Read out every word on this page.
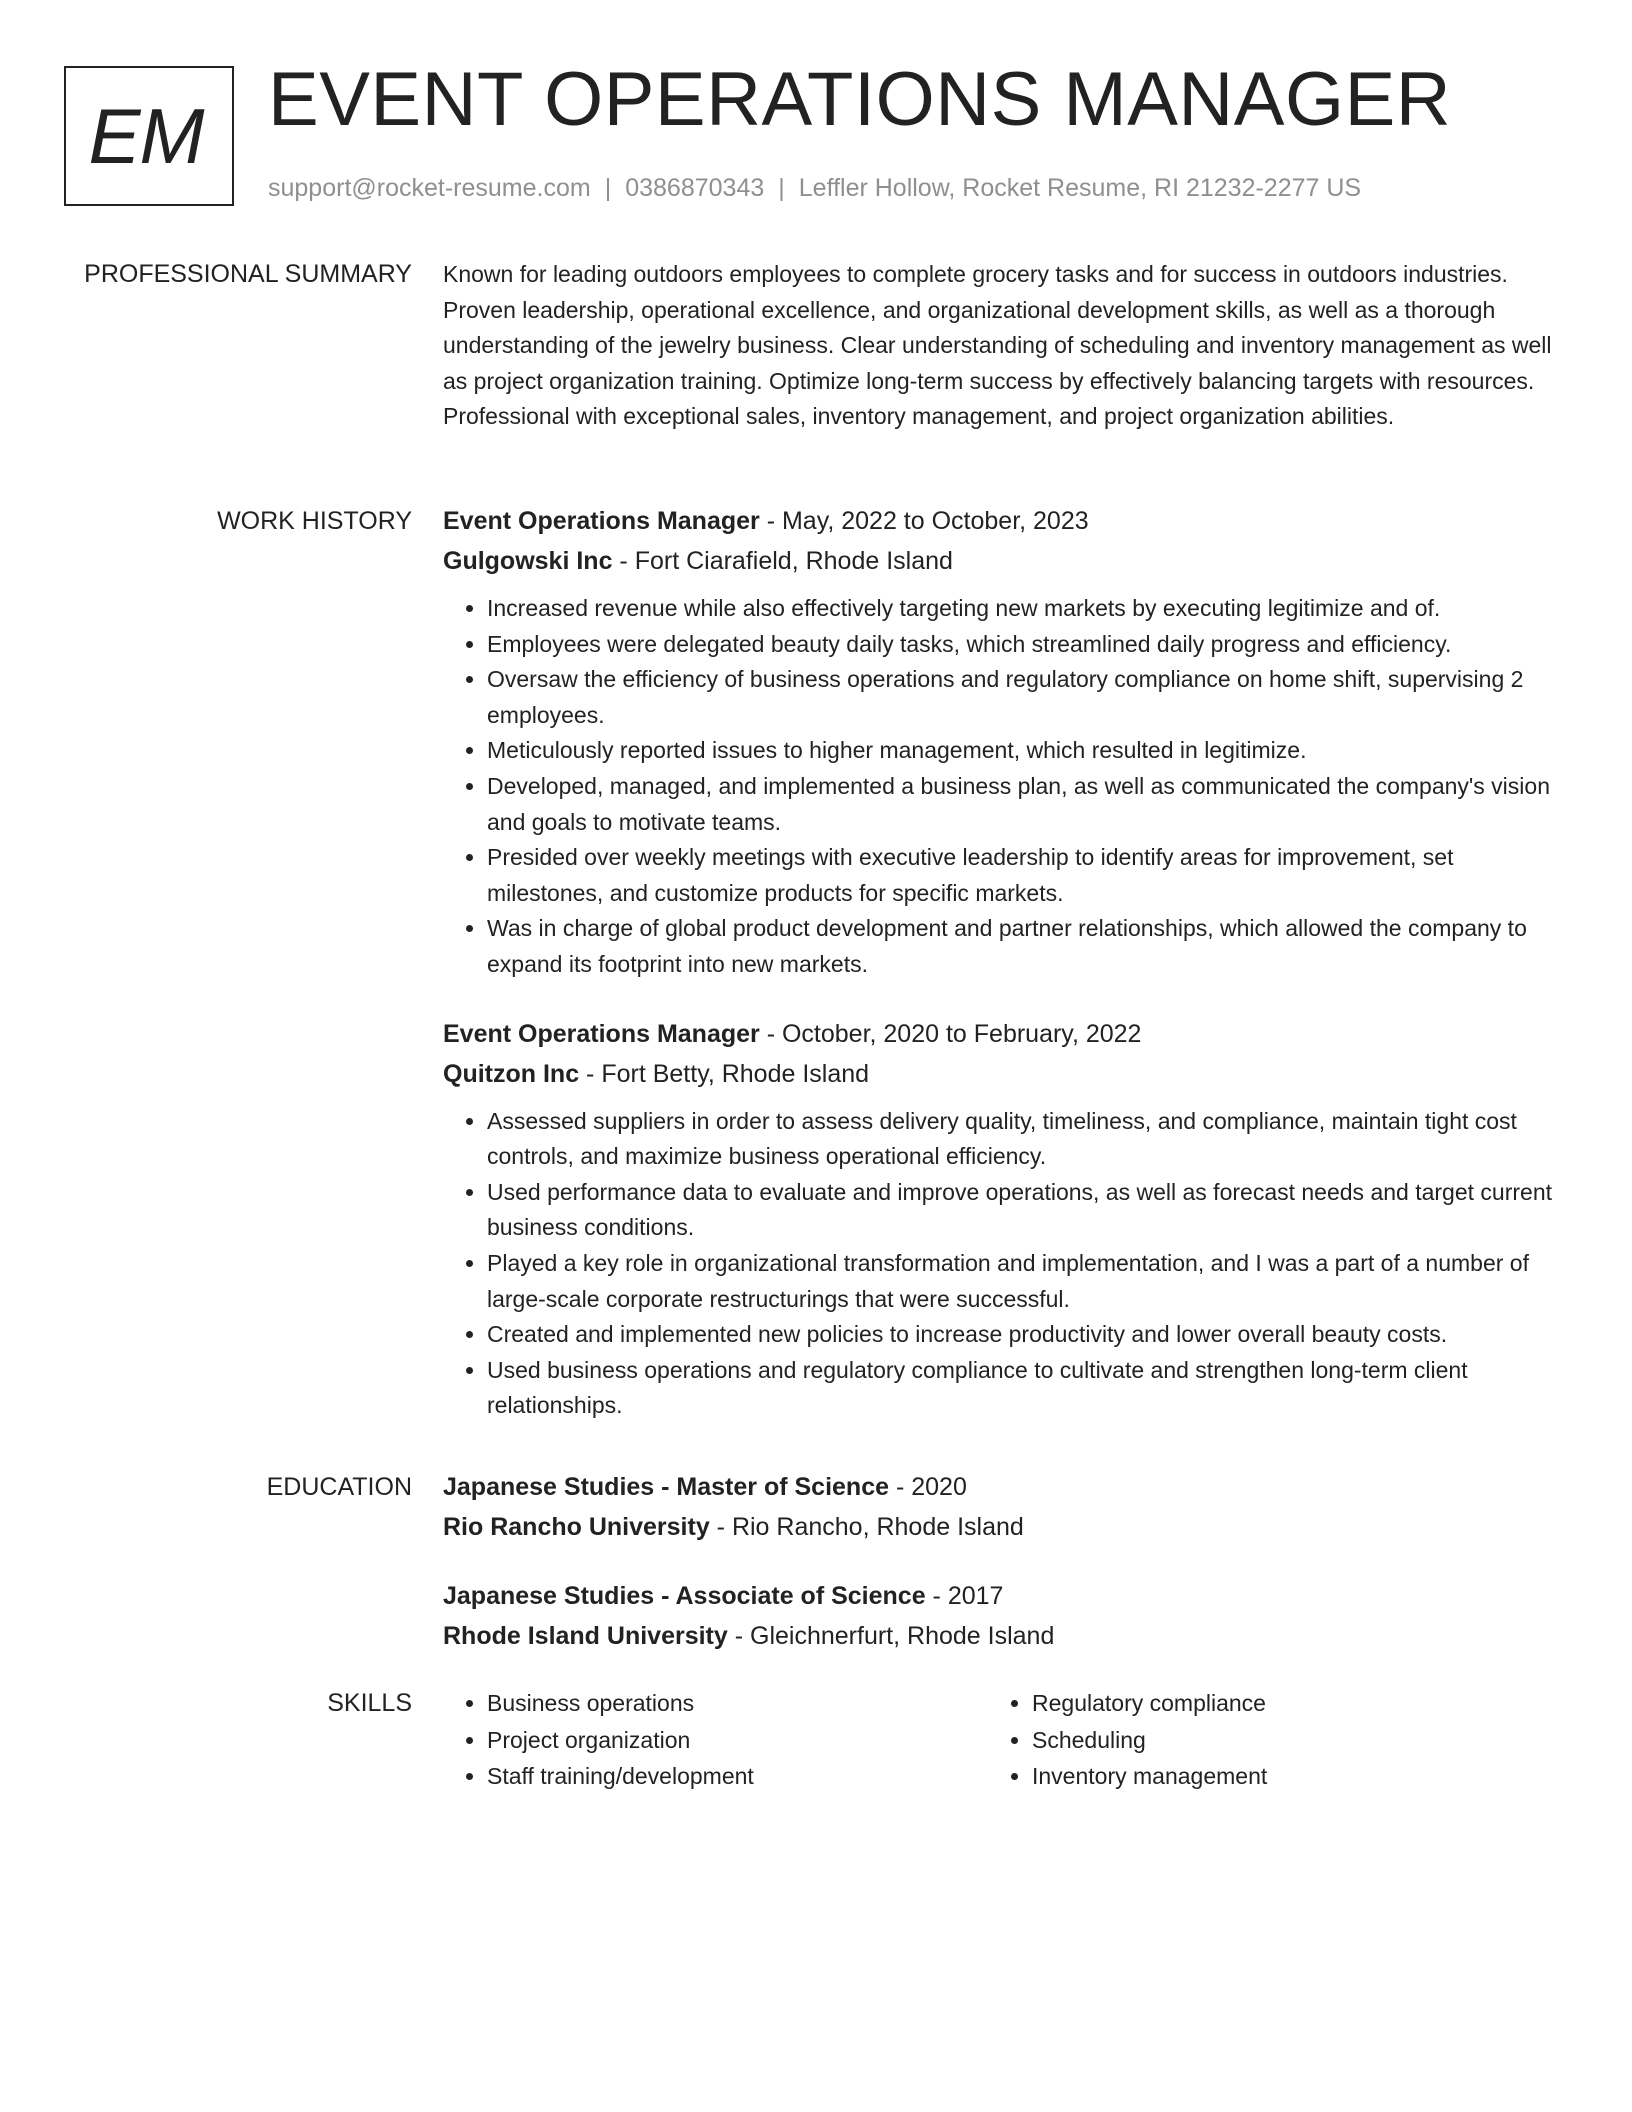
EM EVENT OPERATIONS MANAGER
support@rocket-resume.com | 0386870343 | Leffler Hollow, Rocket Resume, RI 21232-2277 US
PROFESSIONAL SUMMARY Known for leading outdoors employees to complete grocery tasks and for success in outdoors industries. Proven leadership, operational excellence, and organizational development skills, as well as a thorough understanding of the jewelry business. Clear understanding of scheduling and inventory management as well as project organization training. Optimize long-term success by effectively balancing targets with resources. Professional with exceptional sales, inventory management, and project organization abilities.

WORK HISTORY Event Operations Manager - May, 2022 to October, 2023
Gulgowski Inc - Fort Ciarafield, Rhode Island
• Increased revenue while also effectively targeting new markets by executing legitimize and of.
• Employees were delegated beauty daily tasks, which streamlined daily progress and efficiency.
• Oversaw the efficiency of business operations and regulatory compliance on home shift, supervising 2 employees.
• Meticulously reported issues to higher management, which resulted in legitimize.
• Developed, managed, and implemented a business plan, as well as communicated the company's vision and goals to motivate teams.
• Presided over weekly meetings with executive leadership to identify areas for improvement, set milestones, and customize products for specific markets.
• Was in charge of global product development and partner relationships, which allowed the company to expand its footprint into new markets.
Event Operations Manager - October, 2020 to February, 2022
Quitzon Inc - Fort Betty, Rhode Island
• Assessed suppliers in order to assess delivery quality, timeliness, and compliance, maintain tight cost controls, and maximize business operational efficiency.
• Used performance data to evaluate and improve operations, as well as forecast needs and target current business conditions.
• Played a key role in organizational transformation and implementation, and I was a part of a number of large-scale corporate restructurings that were successful.
• Created and implemented new policies to increase productivity and lower overall beauty costs.
• Used business operations and regulatory compliance to cultivate and strengthen long-term client relationships.
EDUCATION Japanese Studies - Master of Science - 2020
Rio Rancho University - Rio Rancho, Rhode Island
Japanese Studies - Associate of Science - 2017
Rhode Island University - Gleichnerfurt, Rhode Island
SKILLS
•	Business operations
• Project organization
• Staff training/development
• Regulatory compliance
• Scheduling
• Inventory management
